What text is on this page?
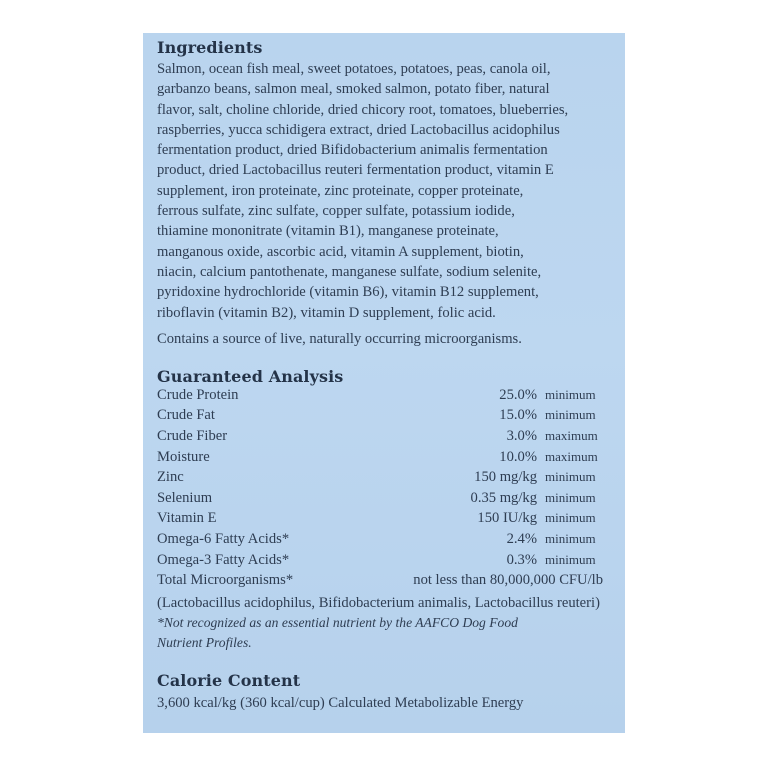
Ingredients

Salmon, ocean fish meal, sweet potatoes, potatoes, peas, canola oil,
garbanzo beans, salmon meal, smoked salmon, potato fiber, natural
flavor, salt, choline chloride, dried chicory root, tomatoes, blueberries,
raspberries, yucca schidigera extract, dried Lactobacillus acidophilus
fermentation product, dried Bifidobacterium animalis fermentation
product, dried Lactobacillus reuteri fermentation product, vitamin E
supplement, iron proteinate, zinc proteinate, copper proteinate,
ferrous sulfate, zinc sulfate, copper sulfate, potassium iodide,
thiamine mononitrate (vitamin B1), manganese proteinate,
manganous oxide, ascorbic acid, vitamin A supplement, biotin,
niacin, calcium pantothenate, manganese sulfate, sodium selenite,
pyridoxine hydrochloride (vitamin B6), vitamin B12 supplement,
riboflavin (vitamin B2), vitamin D supplement, folic acid.

Contains a source of live, naturally occurring microorganisms.

Guaranteed Analysis
Crude Protein	25.0% minimum
Crude Fat	15.0% minimum
Crude Fiber	3.0% maximum
Moisture	10.0% maximum
Zinc	150 mg/kg minimum
Selenium	0.35 mg/kg minimum
Vitamin E	150 IU/kg minimum
Omega-6 Fatty Acids*	2.4% minimum
Omega-3 Fatty Acids*	0.3% minimum
Total Microorganisms*	not less than 80,000,000 CFU/lb

(Lactobacillus acidophilus, Bifidobacterium animalis, Lactobacillus reuteri)

*Not recognized as an essential nutrient by the AAFCO Dog Food
Nutrient Profiles.

Calorie Content

3,600 kcal/kg (360 kcal/cup) Calculated Metabolizable Energy
